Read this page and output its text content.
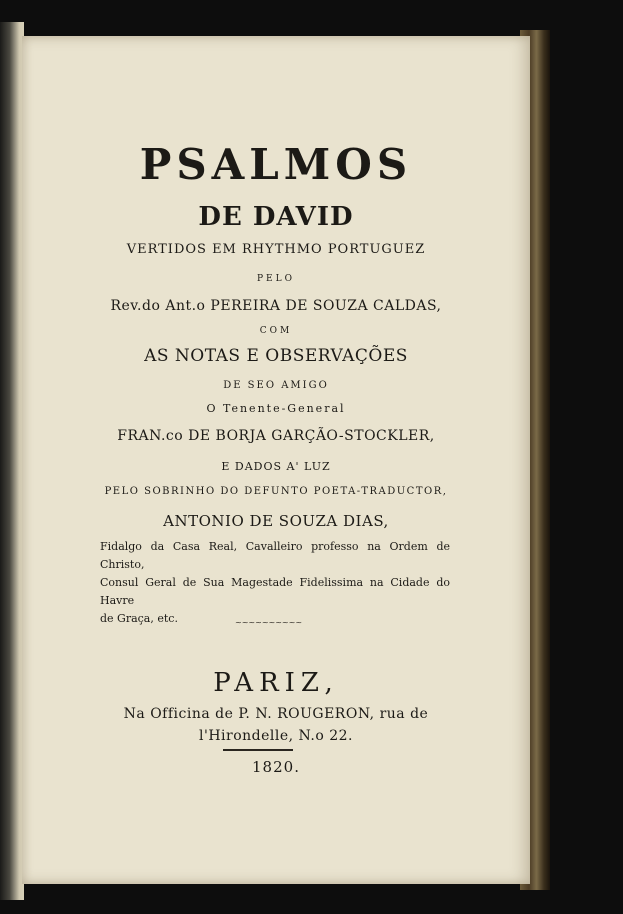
PSALMOS
DE DAVID
VERTIDOS EM RHYTHMO PORTUGUEZ
PELO
Rev.do Ant.o PEREIRA DE SOUZA CALDAS,
COM
AS NOTAS E OBSERVAÇÕES
DE SEO AMIGO
O Tenente-General
FRAN.co DE BORJA GARÇÃO-STOCKLER,
E DADOS A' LUZ
PELO SOBRINHO DO DEFUNTO POETA-TRADUCTOR,
ANTONIO DE SOUZA DIAS,
Fidalgo da Casa Real, Cavalleiro professo na Ordem de Christo,
Consul Geral de Sua Magestade Fidelissima na Cidade do Havre
de Graça, etc.	~~~~~~~~~~
PARIZ,
Na Officina de P. N. ROUGERON, rua de
l'Hirondelle, N.o 22.
1820.
